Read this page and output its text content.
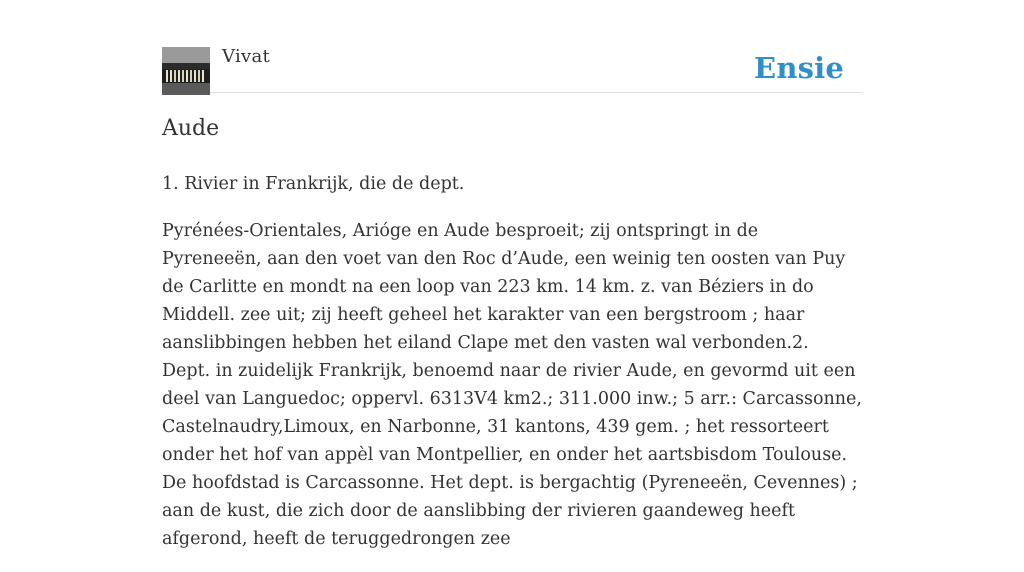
Vivat	Ensie
Aude

1. Rivier in Frankrijk, die de dept.

Pyrénées-Orientales, Arióge en Aude besproeit; zij ontspringt in de Pyreneeën, aan den voet van den Roc d’Aude, een weinig ten oosten van Puy de Carlitte en mondt na een loop van 223 km. 14 km. z. van Béziers in do Middell. zee uit; zij heeft geheel het karakter van een bergstroom ; haar aanslibbingen hebben het eiland Clape met den vasten wal verbonden.2. Dept. in zuidelijk Frankrijk, benoemd naar de rivier Aude, en gevormd uit een deel van Languedoc; oppervl. 6313V4 km2.; 311.000 inw.; 5 arr.: Carcassonne, Castelnaudry,Limoux, en Narbonne, 31 kantons, 439 gem. ; het ressorteert onder het hof van appèl van Montpellier, en onder het aartsbisdom Toulouse. De hoofdstad is Carcassonne. Het dept. is bergachtig (Pyreneeën, Cevennes) ; aan de kust, die zich door de aanslibbing der rivieren gaandeweg heeft afgerond, heeft de teruggedrongen zee
